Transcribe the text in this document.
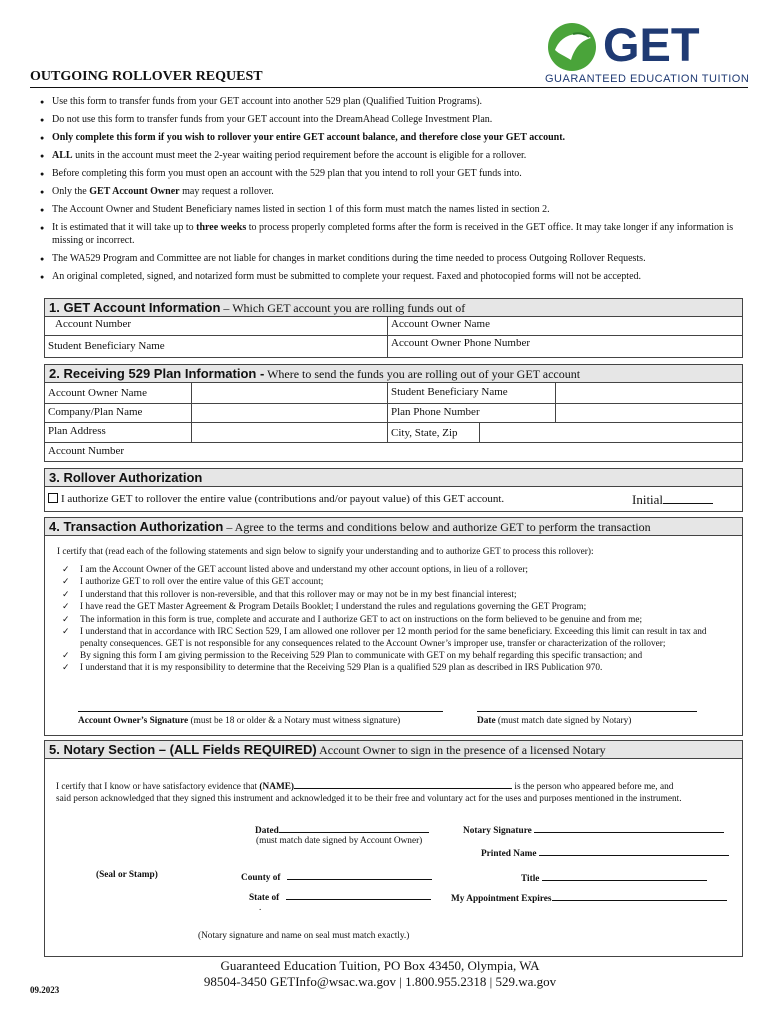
GET
GUARANTEED EDUCATION TUITION
OUTGOING ROLLOVER REQUEST
● Use this form to transfer funds from your GET account into another 529 plan (Qualified Tuition Programs).
● Do not use this form to transfer funds from your GET account into the DreamAhead College Investment Plan.
● Only complete this form if you wish to rollover your entire GET account balance, and therefore close your GET account.
● ALL units in the account must meet the 2-year waiting period requirement before the account is eligible for a rollover.
● Before completing this form you must open an account with the 529 plan that you intend to roll your GET funds into.
● Only the GET Account Owner may request a rollover.
● The Account Owner and Student Beneficiary names listed in section 1 of this form must match the names listed in section 2.
● It is estimated that it will take up to three weeks to process properly completed forms after the form is received in the GET office. It may take longer if any information is missing or incorrect.
● The WA529 Program and Committee are not liable for changes in market conditions during the time needed to process Outgoing Rollover Requests.
● An original completed, signed, and notarized form must be submitted to complete your request. Faxed and photocopied forms will not be accepted.
1. GET Account Information – Which GET account you are rolling funds out of
Account Number	Account Owner Name
Student Beneficiary Name	Account Owner Phone Number
2. Receiving 529 Plan Information - Where to send the funds you are rolling out of your GET account
Account Owner Name	Student Beneficiary Name
Company/Plan Name	Plan Phone Number
Plan Address	City, State, Zip
Account Number
3. Rollover Authorization
I authorize GET to rollover the entire value (contributions and/or payout value) of this GET account.	Initial
4. Transaction Authorization – Agree to the terms and conditions below and authorize GET to perform the transaction
I certify that (read each of the following statements and sign below to signify your understanding and to authorize GET to process this rollover):
✓ I am the Account Owner of the GET account listed above and understand my other account options, in lieu of a rollover;
✓ I authorize GET to roll over the entire value of this GET account;
✓ I understand that this rollover is non-reversible, and that this rollover may or may not be in my best financial interest;
✓ I have read the GET Master Agreement & Program Details Booklet; I understand the rules and regulations governing the GET Program;
✓ The information in this form is true, complete and accurate and I authorize GET to act on instructions on the form believed to be genuine and from me;
✓ I understand that in accordance with IRC Section 529, I am allowed one rollover per 12 month period for the same beneficiary. Exceeding this limit can result in tax and penalty consequences. GET is not responsible for any consequences related to the Account Owner’s improper use, transfer or characterization of the rollover;
✓ By signing this form I am giving permission to the Receiving 529 Plan to communicate with GET on my behalf regarding this specific transaction; and
✓ I understand that it is my responsibility to determine that the Receiving 529 Plan is a qualified 529 plan as described in IRS Publication 970.
Account Owner’s Signature (must be 18 or older & a Notary must witness signature)	Date (must match date signed by Notary)
5. Notary Section – (ALL Fields REQUIRED) Account Owner to sign in the presence of a licensed Notary
I certify that I know or have satisfactory evidence that (NAME)	is the person who appeared before me, and
said person acknowledged that they signed this instrument and acknowledged it to be their free and voluntary act for the uses and purposes mentioned in the instrument.
Dated
(must match date signed by Account Owner)
Notary Signature
Printed Name
(Seal or Stamp)	County of	Title
State of	My Appointment Expires
.
(Notary signature and name on seal must match exactly.)
09.2023
Guaranteed Education Tuition, PO Box 43450, Olympia, WA
98504-3450 GETInfo@wsac.wa.gov | 1.800.955.2318 | 529.wa.gov
